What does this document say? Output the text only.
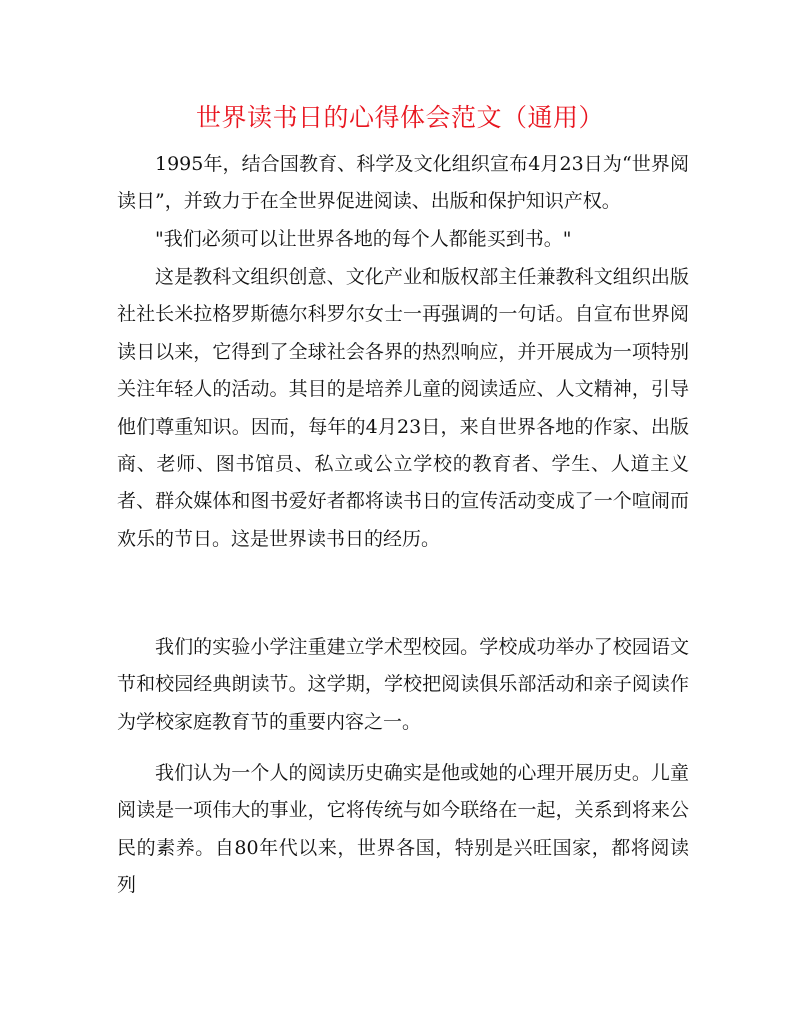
世界读书日的心得体会范文（通用）

1995年，结合国教育、科学及文化组织宣布4月23日为“世界阅读日”，并致力于在全世界促进阅读、出版和保护知识产权。

"我们必须可以让世界各地的每个人都能买到书。"

这是教科文组织创意、文化产业和版权部主任兼教科文组织出版社社长米拉格罗斯德尔科罗尔女士一再强调的一句话。自宣布世界阅读日以来，它得到了全球社会各界的热烈响应，并开展成为一项特别关注年轻人的活动。其目的是培养儿童的阅读适应、人文精神，引导他们尊重知识。因而，每年的4月23日，来自世界各地的作家、出版商、老师、图书馆员、私立或公立学校的教育者、学生、人道主义者、群众媒体和图书爱好者都将读书日的宣传活动变成了一个喧闹而欢乐的节日。这是世界读书日的经历。

我们的实验小学注重建立学术型校园。学校成功举办了校园语文节和校园经典朗读节。这学期，学校把阅读俱乐部活动和亲子阅读作为学校家庭教育节的重要内容之一。

我们认为一个人的阅读历史确实是他或她的心理开展历史。儿童阅读是一项伟大的事业，它将传统与如今联络在一起，关系到将来公民的素养。自80年代以来，世界各国，特别是兴旺国家，都将阅读列
